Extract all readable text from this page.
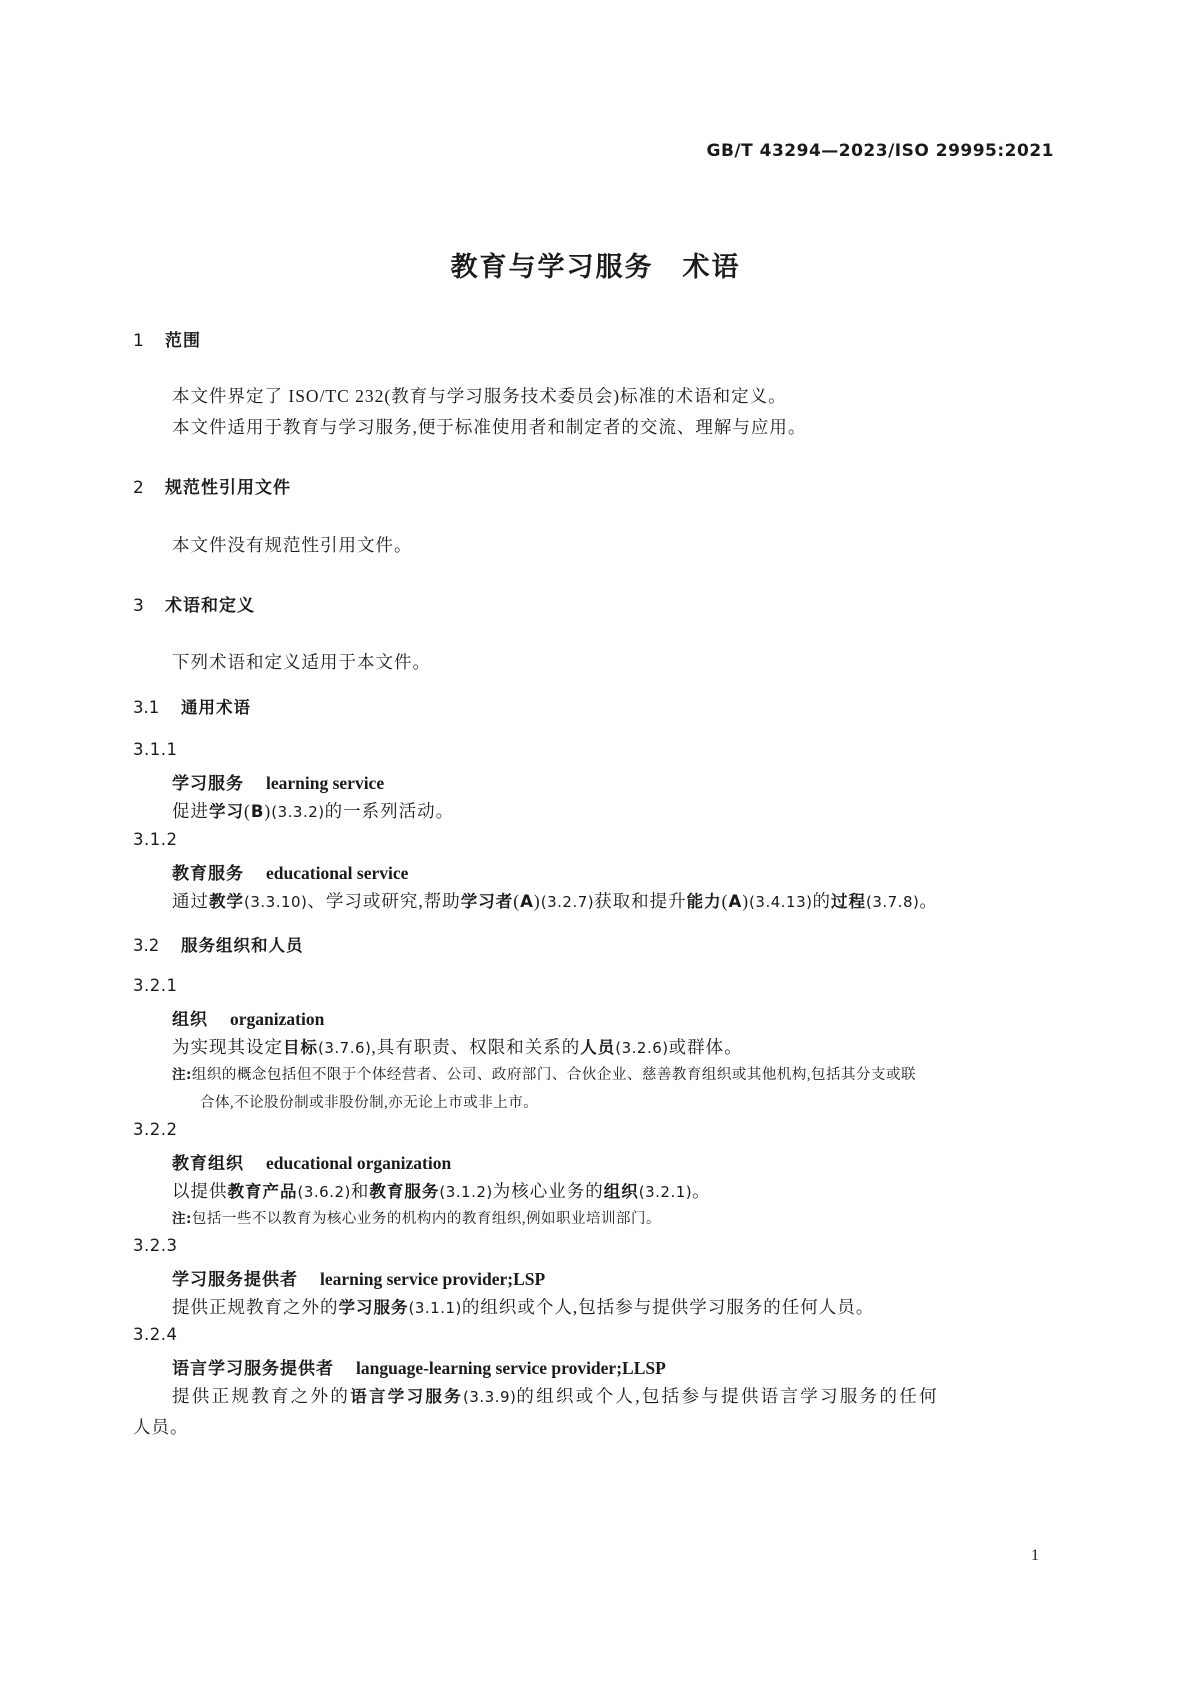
GB/T 43294—2023/ISO 29995:2021
教育与学习服务　术语
1 范围
本文件界定了 ISO/TC 232(教育与学习服务技术委员会)标准的术语和定义。
本文件适用于教育与学习服务,便于标准使用者和制定者的交流、理解与应用。
2 规范性引用文件
本文件没有规范性引用文件。
3 术语和定义
下列术语和定义适用于本文件。
3.1 通用术语
3.1.1
学习服务 learning service
促进学习(B)(3.3.2)的一系列活动。
3.1.2
教育服务 educational service
通过教学(3.3.10)、学习或研究,帮助学习者(A)(3.2.7)获取和提升能力(A)(3.4.13)的过程(3.7.8)。
3.2 服务组织和人员
3.2.1
组织 organization
为实现其设定目标(3.7.6),具有职责、权限和关系的人员(3.2.6)或群体。
注:组织的概念包括但不限于个体经营者、公司、政府部门、合伙企业、慈善教育组织或其他机构,包括其分支或联
合体,不论股份制或非股份制,亦无论上市或非上市。
3.2.2
教育组织 educational organization
以提供教育产品(3.6.2)和教育服务(3.1.2)为核心业务的组织(3.2.1)。
注:包括一些不以教育为核心业务的机构内的教育组织,例如职业培训部门。
3.2.3
学习服务提供者 learning service provider;LSP
提供正规教育之外的学习服务(3.1.1)的组织或个人,包括参与提供学习服务的任何人员。
3.2.4
语言学习服务提供者 language-learning service provider;LLSP
提供正规教育之外的语言学习服务(3.3.9)的组织或个人,包括参与提供语言学习服务的任何
人员。
1
